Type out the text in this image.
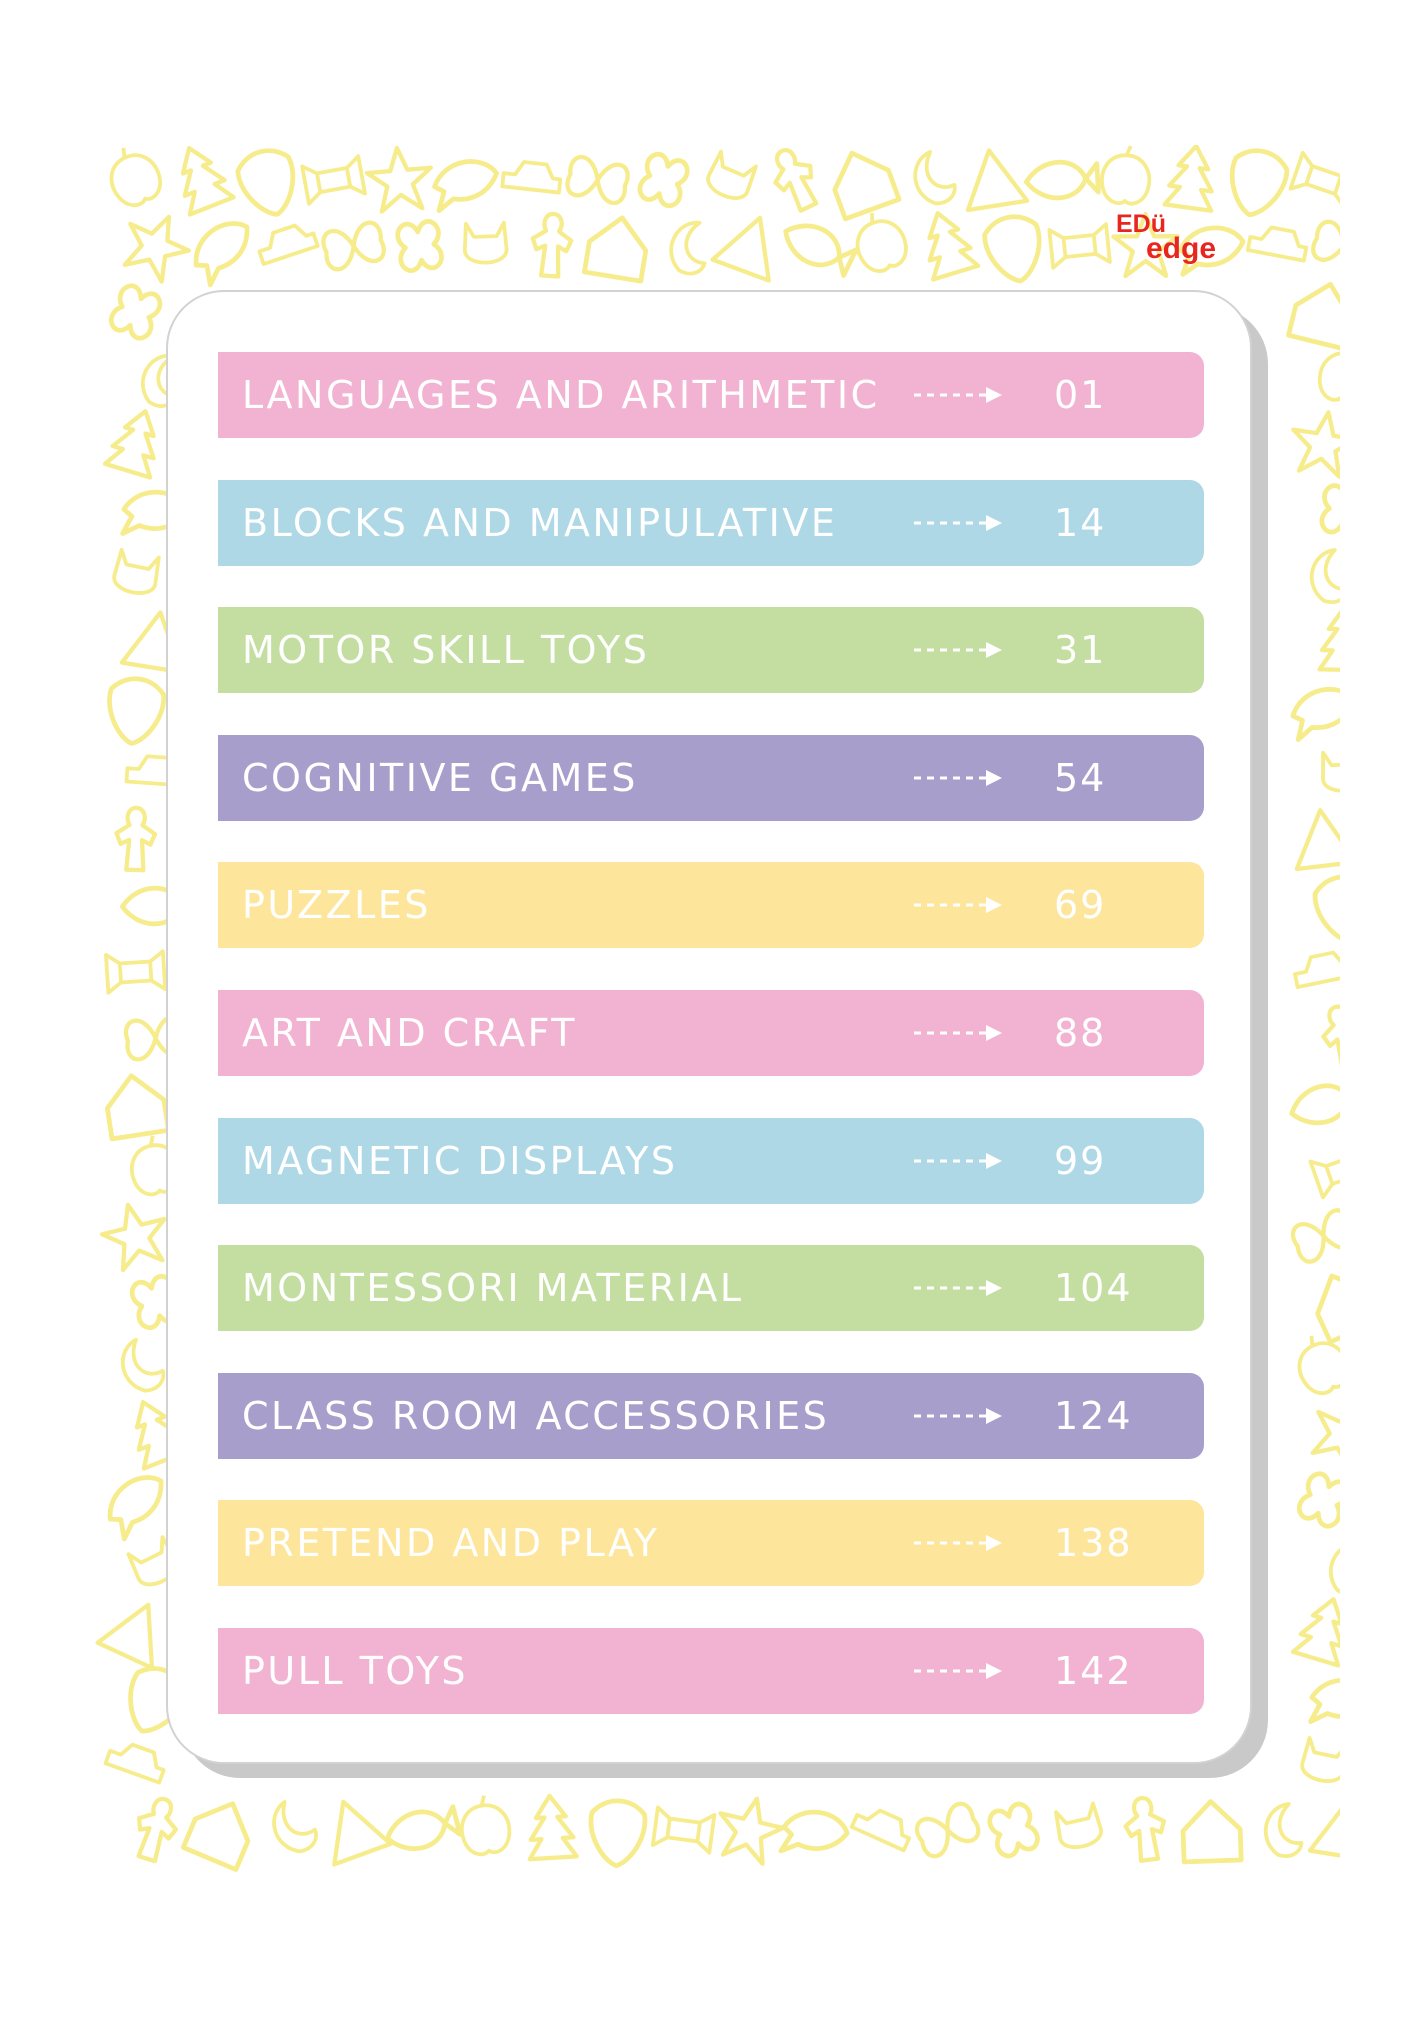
EDü
edge
LANGUAGES AND ARITHMETIC	01
BLOCKS AND MANIPULATIVE	14
MOTOR SKILL TOYS	31
COGNITIVE GAMES	54
PUZZLES	69
ART AND CRAFT	88
MAGNETIC DISPLAYS	99
MONTESSORI MATERIAL	104
CLASS ROOM ACCESSORIES	124
PRETEND AND PLAY	138
PULL TOYS	142
